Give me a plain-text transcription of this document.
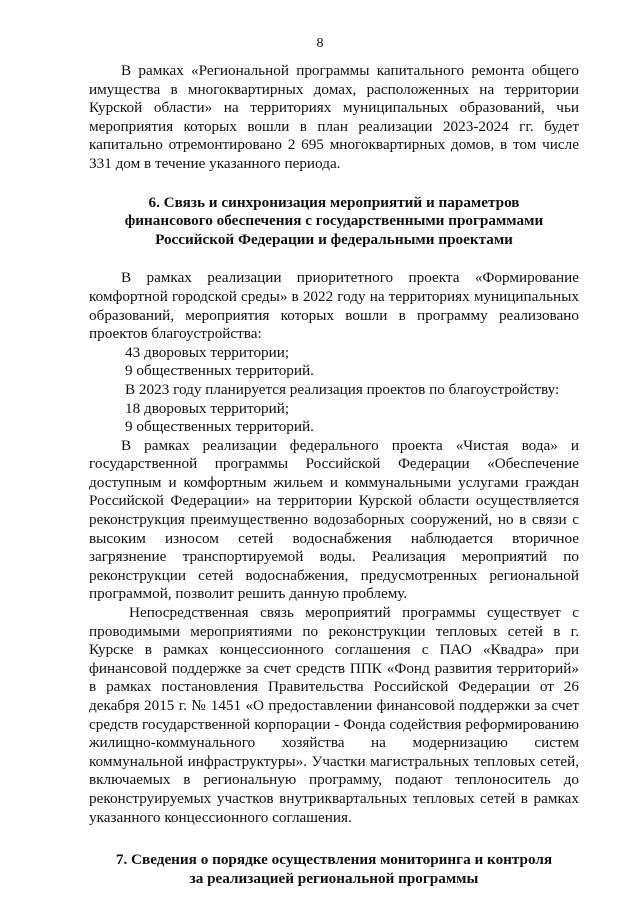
8

В рамках «Региональной программы капитального ремонта общего имущества в многоквартирных домах, расположенных на территории Курской области» на территориях муниципальных образований, чьи мероприятия которых вошли в план реализации 2023-2024 гг. будет капитально отремонтировано 2 695 многоквартирных домов, в том числе 331 дом в течение указанного периода.

6. Связь и синхронизация мероприятий и параметров
финансового обеспечения с государственными программами
Российской Федерации и федеральными проектами

В рамках реализации приоритетного проекта «Формирование комфортной городской среды» в 2022 году на территориях муниципальных образований, мероприятия которых вошли в программу реализовано проектов благоустройства:

43 дворовых территории;

9 общественных территорий.

В 2023 году планируется реализация проектов по благоустройству:

18 дворовых территорий;

9 общественных территорий.

В рамках реализации федерального проекта «Чистая вода» и государственной программы Российской Федерации «Обеспечение доступным и комфортным жильем и коммунальными услугами граждан Российской Федерации» на территории Курской области осуществляется реконструкция преимущественно водозаборных сооружений, но в связи с высоким износом сетей водоснабжения наблюдается вторичное загрязнение транспортируемой воды. Реализация мероприятий по реконструкции сетей водоснабжения, предусмотренных региональной программой, позволит решить данную проблему.

Непосредственная связь мероприятий программы существует с проводимыми мероприятиями по реконструкции тепловых сетей в г. Курске в рамках концессионного соглашения с ПАО «Квадра» при финансовой поддержке за счет средств ППК «Фонд развития территорий» в рамках постановления Правительства Российской Федерации от 26 декабря 2015 г. № 1451 «О предоставлении финансовой поддержки за счет средств государственной корпорации - Фонда содействия реформированию жилищно-коммунального хозяйства на модернизацию систем коммунальной инфраструктуры». Участки магистральных тепловых сетей, включаемых в региональную программу, подают теплоноситель до реконструируемых участков внутриквартальных тепловых сетей в рамках указанного концессионного соглашения.

7. Сведения о порядке осуществления мониторинга и контроля
за реализацией региональной программы
